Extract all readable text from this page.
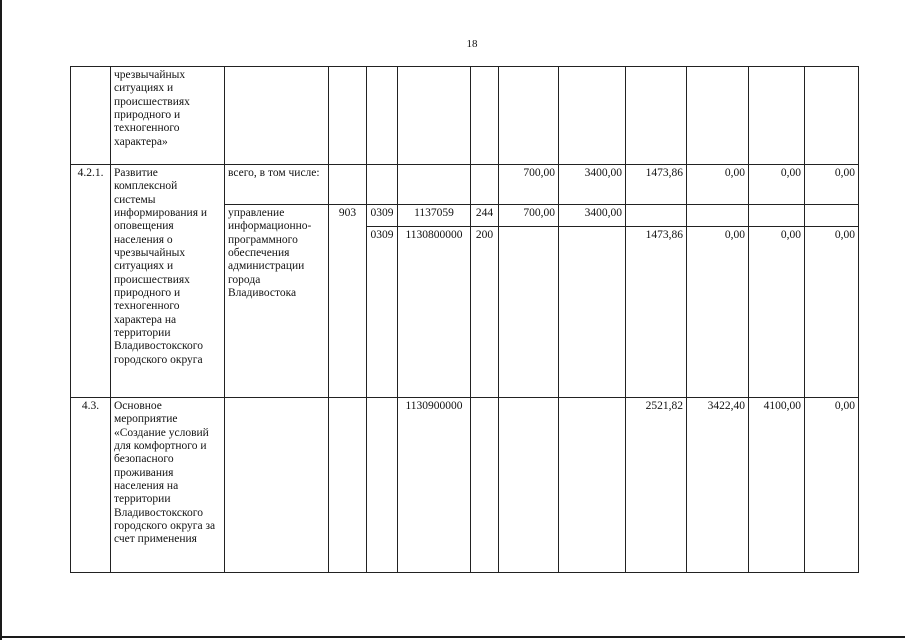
18
	чрезвычайных ситуациях и происшествиях природного и техногенного характера»											
4.2.1.	Развитие комплексной системы информирования и оповещения населения о чрезвычайных ситуациях и происшествиях природного и техногенного характера на территории Владивостокского городского округа	всего, в том числе:					700,00	3400,00	1473,86	0,00	0,00	0,00
		управление информационно-программного обеспечения администрации города Владивостока	903	0309	1137059	244	700,00	3400,00				
				0309	1130800000	200			1473,86	0,00	0,00	0,00
4.3.	Основное мероприятие «Создание условий для комфортного и безопасного проживания населения на территории Владивостокского городского округа за счет применения				1130900000				2521,82	3422,40	4100,00	0,00
